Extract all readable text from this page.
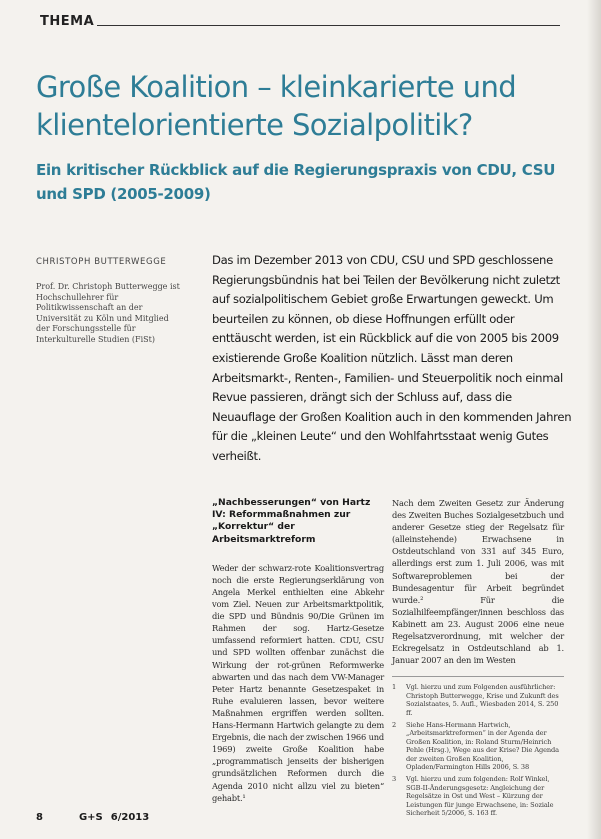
THEMA
Große Koalition – kleinkarierte und klientelorientierte Sozialpolitik?
Ein kritischer Rückblick auf die Regierungspraxis von CDU, CSU und SPD (2005-2009)
CHRISTOPH BUTTERWEGGE
Prof. Dr. Christoph Butterwegge ist Hochschullehrer für Politikwissenschaft an der Universität zu Köln und Mitglied der Forschungsstelle für Interkulturelle Studien (FiSt)

Das im Dezember 2013 von CDU, CSU und SPD geschlossene Regierungsbündnis hat bei Teilen der Bevölkerung nicht zuletzt auf sozialpolitischem Gebiet große Erwartungen geweckt. Um beurteilen zu können, ob diese Hoffnungen erfüllt oder enttäuscht werden, ist ein Rückblick auf die von 2005 bis 2009 existierende Große Koalition nützlich. Lässt man deren Arbeitsmarkt-, Renten-, Familien- und Steuerpolitik noch einmal Revue passieren, drängt sich der Schluss auf, dass die Neuauflage der Großen Koalition auch in den kommenden Jahren für die „kleinen Leute“ und den Wohlfahrtsstaat wenig Gutes verheißt.

„Nachbesserungen“ von Hartz IV: Reformmaßnahmen zur „Korrektur“ der Arbeitsmarktreform

Weder der schwarz-rote Koalitionsvertrag noch die erste Regierungserklärung von Angela Merkel enthielten eine Abkehr vom Ziel. Neuen zur Arbeitsmarktpolitik, die SPD und Bündnis 90/Die Grünen im Rahmen der sog. Hartz-Gesetze umfassend reformiert hatten. CDU, CSU und SPD wollten offenbar zunächst die Wirkung der rot-grünen Reformwerke abwarten und das nach dem VW-Manager Peter Hartz benannte Gesetzespaket in Ruhe evaluieren lassen, bevor weitere Maßnahmen ergriffen werden sollten. Hans-Hermann Hartwich gelangte zu dem Ergebnis, die nach der zwischen 1966 und 1969) zweite Große Koalition habe „programmatisch jenseits der bisherigen grundsätzlichen Reformen durch die Agenda 2010 nicht allzu viel zu bieten“ gehabt.¹

Nach dem Zweiten Gesetz zur Änderung des Zweiten Buches Sozialgesetzbuch und anderer Gesetze stieg der Regelsatz für (alleinstehende) Erwachsene in Ostdeutschland von 331 auf 345 Euro, allerdings erst zum 1. Juli 2006, was mit Softwareproblemen bei der Bundesagentur für Arbeit begründet wurde.² Für die Sozialhilfeempfänger/innen beschloss das Kabinett am 23. August 2006 eine neue Regelsatzverordnung, mit welcher der Eckregelsatz in Ostdeutschland ab 1. Januar 2007 an den im Westen

1	Vgl. hierzu und zum Folgenden ausführlicher: Christoph Butterwegge, Krise und Zukunft des Sozialstaates, 5. Aufl., Wiesbaden 2014, S. 250 ff.
2	Siehe Hans-Hermann Hartwich, „Arbeitsmarktreformen“ in der Agenda der Großen Koalition, in: Roland Sturm/Heinrich Pehle (Hrsg.), Wege aus der Krise? Die Agenda der zweiten Großen Koalition, Opladen/Farmington Hills 2006, S. 38
3	Vgl. hierzu und zum folgenden: Rolf Winkel, SGB-II-Änderungsgesetz: Angleichung der Regelsätze in Ost und West – Kürzung der Leistungen für junge Erwachsene, in: Soziale Sicherheit 5/2006, S. 163 ff.
8	G+S 6/2013
